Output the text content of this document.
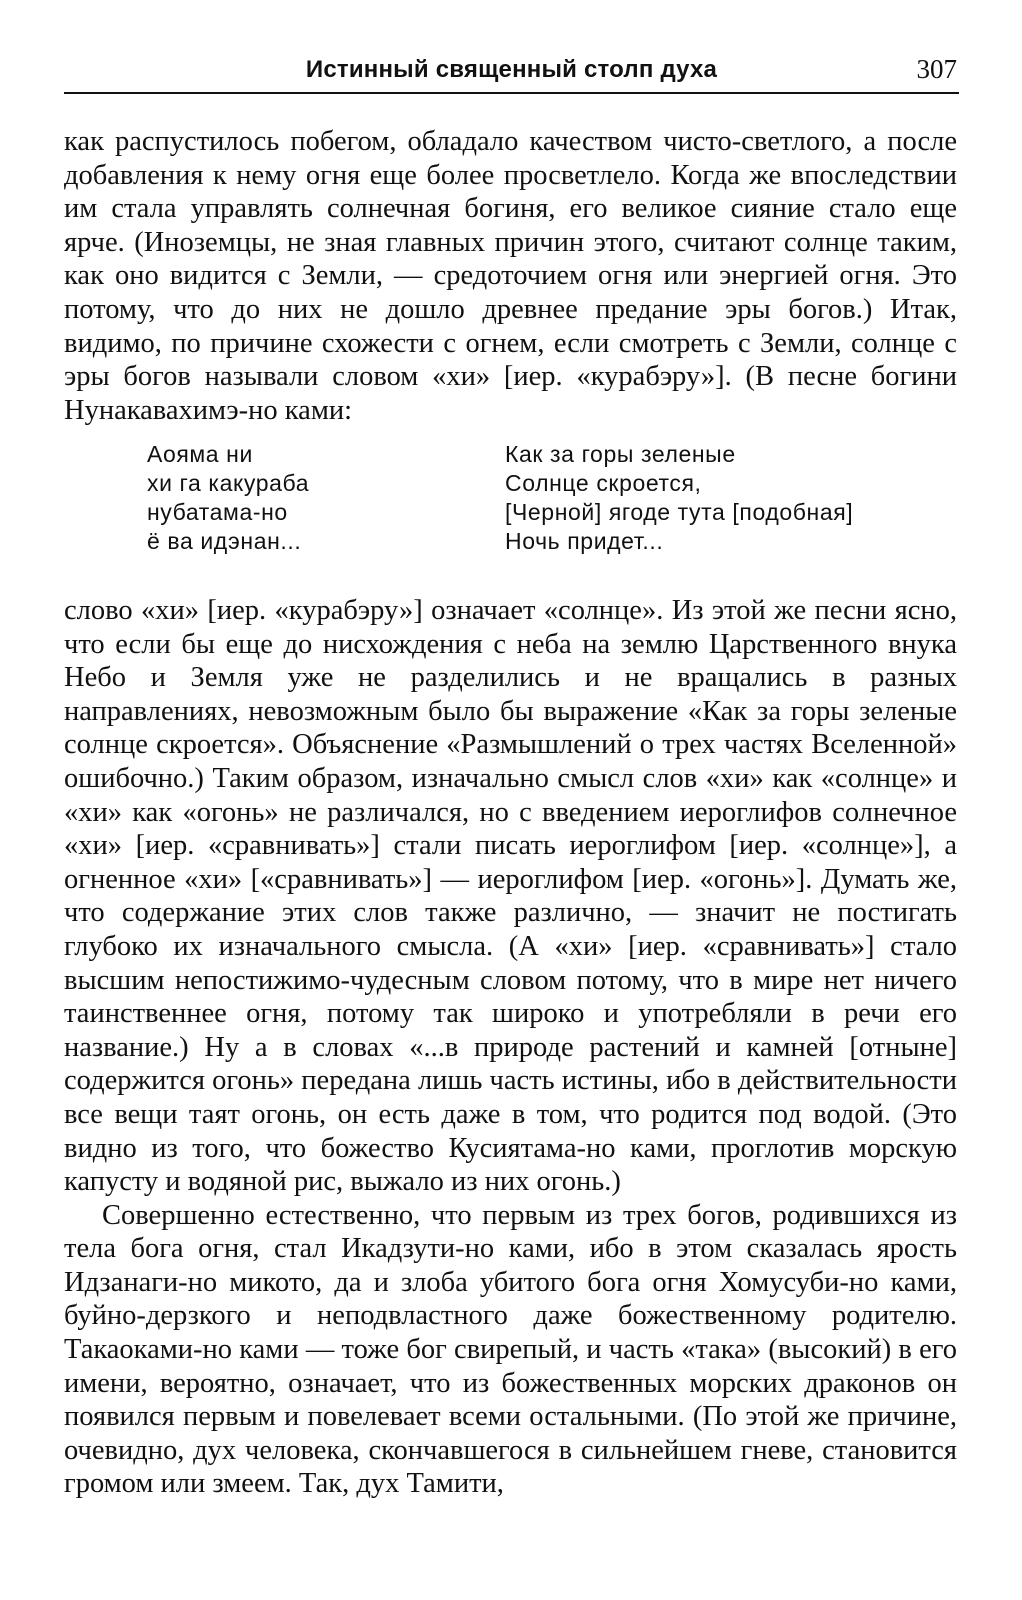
Истинный священный столп духа	307

как распустилось побегом, обладало качеством чисто-светлого, а после добавления к нему огня еще более просветлело. Когда же впоследствии им стала управлять солнечная богиня, его великое сияние стало еще ярче. (Иноземцы, не зная главных причин этого, считают солнце таким, как оно видится с Земли, — средоточием огня или энергией огня. Это потому, что до них не дошло древнее предание эры богов.) Итак, видимо, по причине схожести с огнем, если смотреть с Земли, солнце с эры богов называли словом «хи» [иер. «курабэру»]. (В песне богини Нунакавахимэ-но ками:

Аояма ни
хи га какураба
нубатама-но
ё ва идэнан...
Как за горы зеленые
Солнце скроется,
[Черной] ягоде тута [подобная]
Ночь придет...

слово «хи» [иер. «курабэру»] означает «солнце». Из этой же песни ясно, что если бы еще до нисхождения с неба на землю Царственного внука Небо и Земля уже не разделились и не вращались в разных направлениях, невозможным было бы выражение «Как за горы зеленые солнце скроется». Объяснение «Размышлений о трех частях Вселенной» ошибочно.) Таким образом, изначально смысл слов «хи» как «солнце» и «хи» как «огонь» не различался, но с введением иероглифов солнечное «хи» [иер. «сравнивать»] стали писать иероглифом [иер. «солнце»], а огненное «хи» [«сравнивать»] — иероглифом [иер. «огонь»]. Думать же, что содержание этих слов также различно, — значит не постигать глубоко их изначального смысла. (А «хи» [иер. «сравнивать»] стало высшим непостижимо-чудесным словом потому, что в мире нет ничего таинственнее огня, потому так широко и употребляли в речи его название.) Ну а в словах «...в природе растений и камней [отныне] содержится огонь» передана лишь часть истины, ибо в действительности все вещи таят огонь, он есть даже в том, что родится под водой. (Это видно из того, что божество Кусиятама-но ками, проглотив морскую капусту и водяной рис, выжало из них огонь.)

Совершенно естественно, что первым из трех богов, родившихся из тела бога огня, стал Икадзути-но ками, ибо в этом сказалась ярость Идзанаги-но микото, да и злоба убитого бога огня Хомусуби-но ками, буйно-дерзкого и неподвластного даже божественному родителю. Такаоками-но ками — тоже бог свирепый, и часть «така» (высокий) в его имени, вероятно, означает, что из божественных морских драконов он появился первым и повелевает всеми остальными. (По этой же причине, очевидно, дух человека, скончавшегося в сильнейшем гневе, становится громом или змеем. Так, дух Тамити,
